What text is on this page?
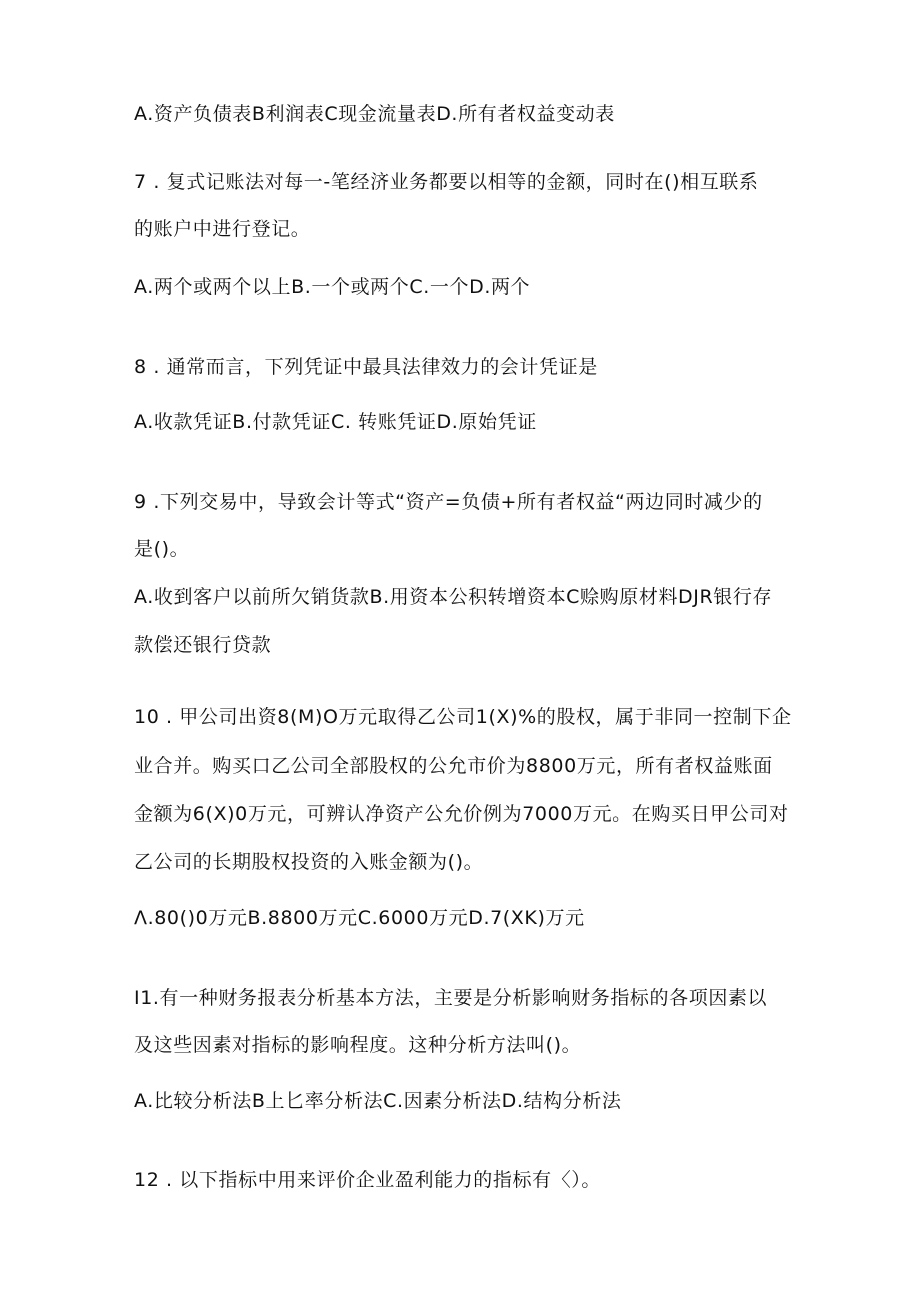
A.资产负债表B利润表C现金流量表D.所有者权益变动表
7 . 复式记账法对每一-笔经济业务都要以相等的金额，同时在()相互联系
的账户中进行登记。
A.两个或两个以上B.一个或两个C.一个D.两个
8 . 通常而言，下列凭证中最具法律效力的会计凭证是
A.收款凭证B.付款凭证C. 转账凭证D.原始凭证
9 .下列交易中，导致会计等式“资产=负债+所有者权益“两边同时减少的
是()。
A.收到客户以前所欠销货款B.用资本公积转增资本C赊购原材料DJR银行存
款偿还银行贷款
10 . 甲公司出资8(M)O万元取得乙公司1(X)%的股权，属于非同一控制下企
业合并。购买口乙公司全部股权的公允市价为8800万元，所有者权益账面
金额为6(X)0万元，可辨认净资产公允价例为7000万元。在购买日甲公司对
乙公司的长期股权投资的入账金额为()。
Λ.80()0万元B.8800万元C.6000万元D.7(XK)万元
I1.有一种财务报表分析基本方法，主要是分析影响财务指标的各项因素以
及这些因素对指标的影响程度。这种分析方法叫()。
A.比较分析法B上匕率分析法C.因素分析法D.结构分析法
12 . 以下指标中用来评价企业盈利能力的指标有〈）。
